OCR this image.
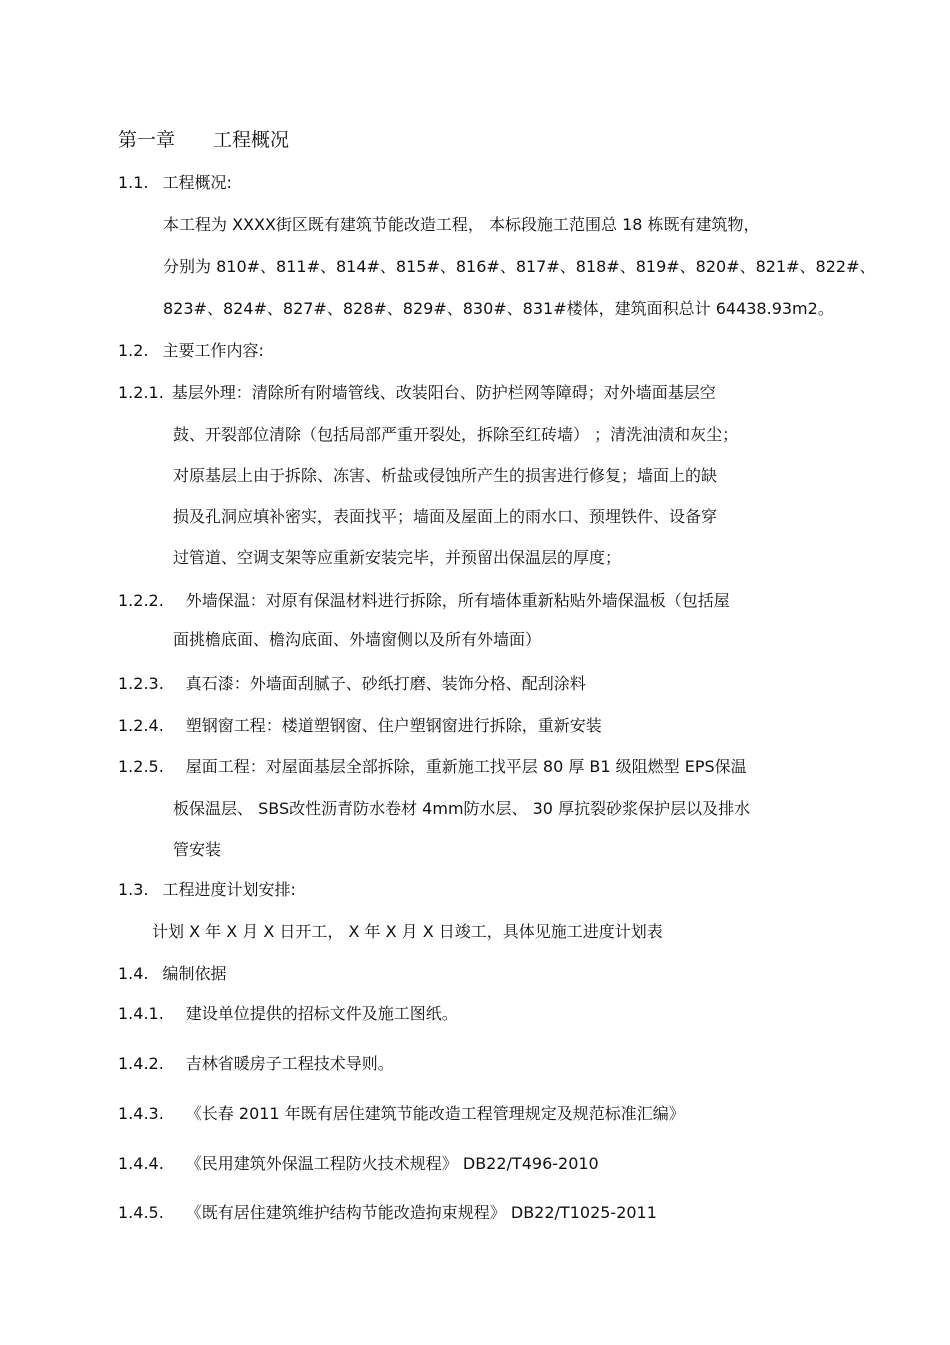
第一章 工程概况
1.1. 工程概况:
本工程为 XXXX街区既有建筑节能改造工程， 本标段施工范围总 18 栋既有建筑物，
分别为 810#、811#、814#、815#、816#、817#、818#、819#、820#、821#、822#、
823#、824#、827#、828#、829#、830#、831#楼体，建筑面积总计 64438.93m2。
1.2. 主要工作内容:
1.2.1. 基层外理：清除所有附墙管线、改装阳台、防护栏网等障碍；对外墙面基层空
鼓、开裂部位清除（包括局部严重开裂处，拆除至红砖墙） ；清洗油渍和灰尘；
对原基层上由于拆除、冻害、析盐或侵蚀所产生的损害进行修复；墙面上的缺
损及孔洞应填补密实，表面找平；墙面及屋面上的雨水口、预埋铁件、设备穿
过管道、空调支架等应重新安装完毕，并预留出保温层的厚度；
1.2.2. 外墙保温：对原有保温材料进行拆除，所有墙体重新粘贴外墙保温板（包括屋
面挑檐底面、檐沟底面、外墙窗侧以及所有外墙面）
1.2.3. 真石漆：外墙面刮腻子、砂纸打磨、装饰分格、配刮涂料
1.2.4. 塑钢窗工程：楼道塑钢窗、住户塑钢窗进行拆除，重新安装
1.2.5. 屋面工程：对屋面基层全部拆除，重新施工找平层 80 厚 B1 级阻燃型 EPS保温
板保温层、 SBS改性沥青防水卷材 4mm防水层、 30 厚抗裂砂浆保护层以及排水
管安装
1.3. 工程进度计划安排:
计划 X 年 X 月 X 日开工， X 年 X 月 X 日竣工，具体见施工进度计划表
1.4. 编制依据
1.4.1. 建设单位提供的招标文件及施工图纸。
1.4.2. 吉林省暖房子工程技术导则。
1.4.3. 《长春 2011 年既有居住建筑节能改造工程管理规定及规范标准汇编》
1.4.4. 《民用建筑外保温工程防火技术规程》 DB22/T496-2010
1.4.5. 《既有居住建筑维护结构节能改造拘束规程》 DB22/T1025-2011
